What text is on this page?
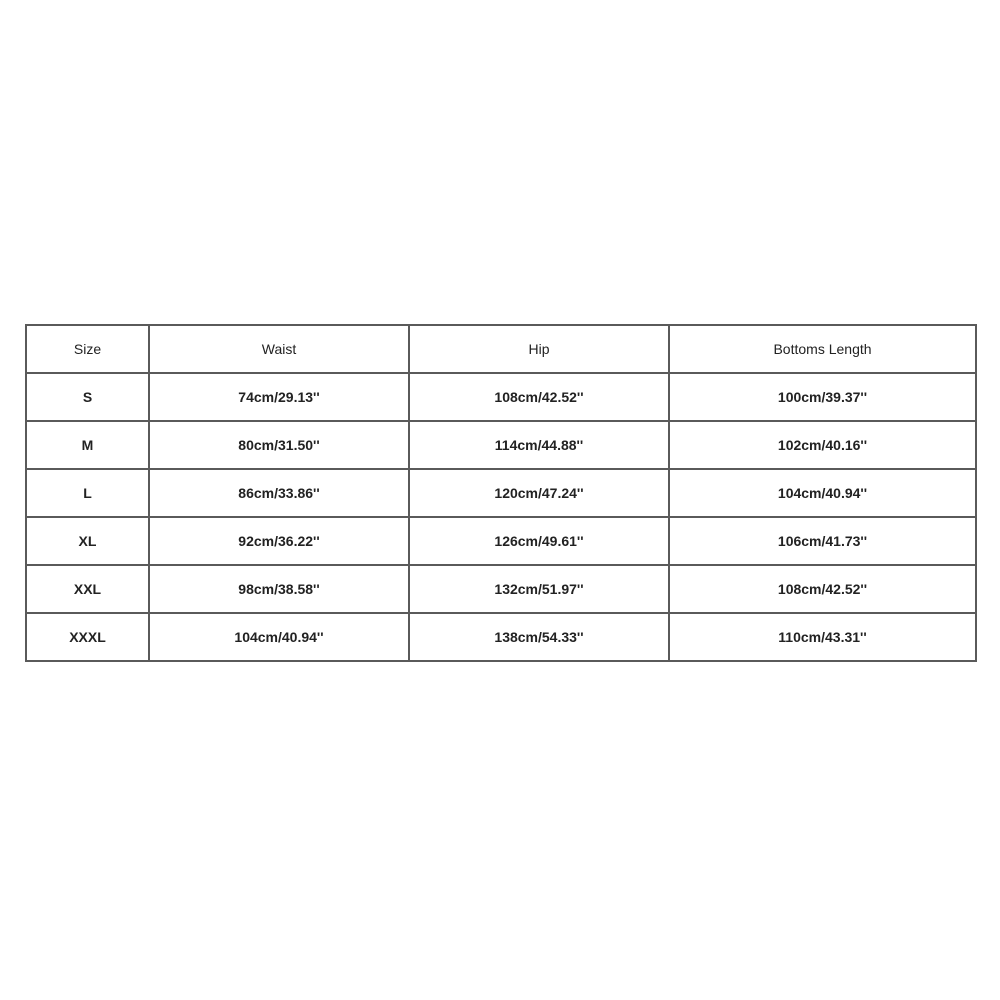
Size	Waist	Hip	Bottoms Length
S	74cm/29.13''	108cm/42.52''	100cm/39.37''
M	80cm/31.50''	114cm/44.88''	102cm/40.16''
L	86cm/33.86''	120cm/47.24''	104cm/40.94''
XL	92cm/36.22''	126cm/49.61''	106cm/41.73''
XXL	98cm/38.58''	132cm/51.97''	108cm/42.52''
XXXL	104cm/40.94''	138cm/54.33''	110cm/43.31''
